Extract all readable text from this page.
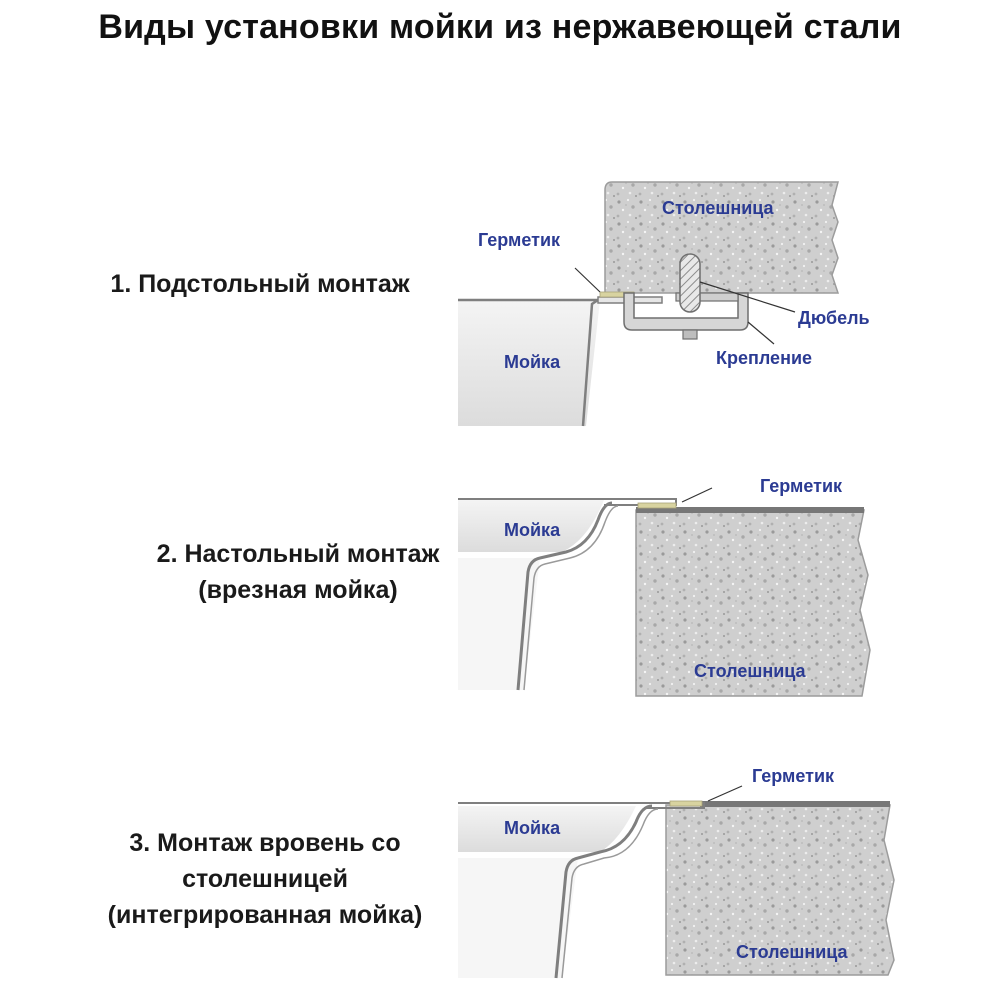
Виды установки мойки из нержавеющей стали
1. Подстольный монтаж
2. Настольный монтаж
(врезная мойка)
3. Монтаж вровень со
столешницей
(интегрированная мойка)
Столешница
Герметик
Мойка
Дюбель
Крепление
Герметик
Мойка
Столешница
Герметик
Мойка
Столешница
